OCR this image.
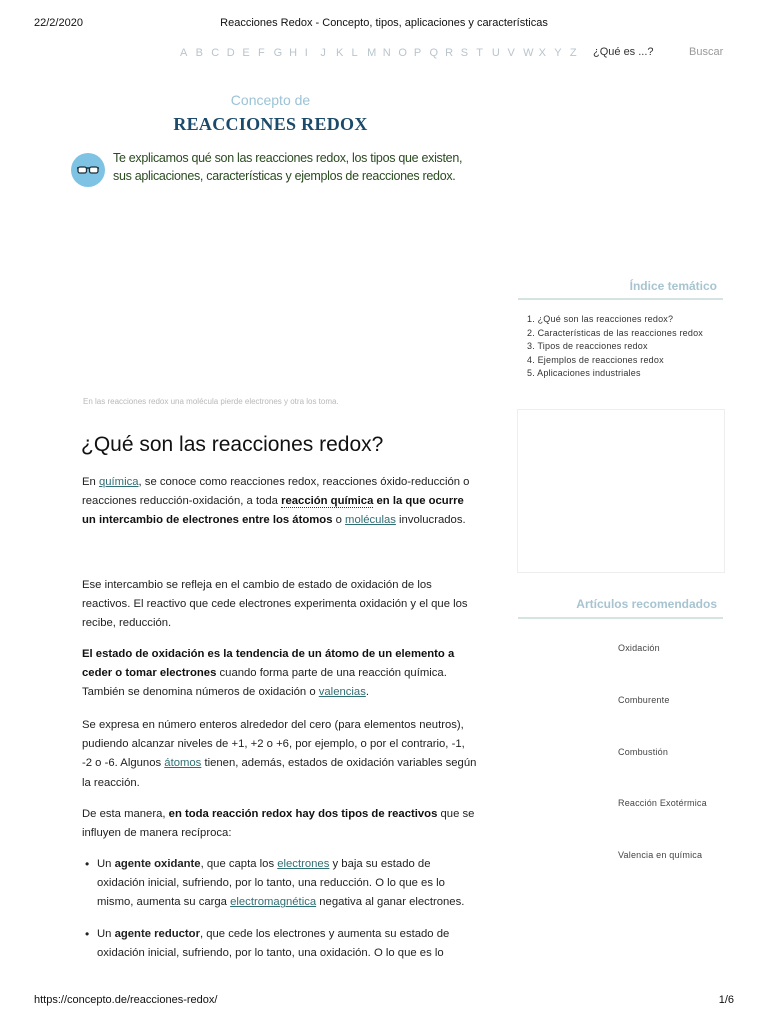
22/2/2020	Reacciones Redox - Concepto, tipos, aplicaciones y características
https://concepto.de/reacciones-redox/	1/6
A B C D E F G H I	J K L M N O P Q R S T U V W X Y Z	¿Qué es ...?	Buscar
Concepto de
REACCIONES REDOX
Te explicamos qué son las reacciones redox, los tipos que existen, sus aplicaciones, características y ejemplos de reacciones redox.
En las reacciones redox una molécula pierde electrones y otra los toma.
¿Qué son las reacciones redox?

En química, se conoce como reacciones redox, reacciones óxido-reducción o reacciones reducción-oxidación, a toda reacción química en la que ocurre un intercambio de electrones entre los átomos o moléculas involucrados.

Ese intercambio se refleja en el cambio de estado de oxidación de los reactivos. El reactivo que cede electrones experimenta oxidación y el que los recibe, reducción.

El estado de oxidación es la tendencia de un átomo de un elemento a ceder o tomar electrones cuando forma parte de una reacción química. También se denomina números de oxidación o valencias.

Se expresa en número enteros alrededor del cero (para elementos neutros), pudiendo alcanzar niveles de +1, +2 o +6, por ejemplo, o por el contrario, -1, -2 o -6. Algunos átomos tienen, además, estados de oxidación variables según la reacción.

De esta manera, en toda reacción redox hay dos tipos de reactivos que se influyen de manera recíproca:

• Un agente oxidante, que capta los electrones y baja su estado de oxidación inicial, sufriendo, por lo tanto, una reducción. O lo que es lo mismo, aumenta su carga electromagnética negativa al ganar electrones.
• Un agente reductor, que cede los electrones y aumenta su estado de oxidación inicial, sufriendo, por lo tanto, una oxidación. O lo que es lo
Índice temático
1. ¿Qué son las reacciones redox?
2. Características de las reacciones redox
3. Tipos de reacciones redox
4. Ejemplos de reacciones redox
5. Aplicaciones industriales
Artículos recomendados
Oxidación
Comburente
Combustión
Reacción Exotérmica
Valencia en química
